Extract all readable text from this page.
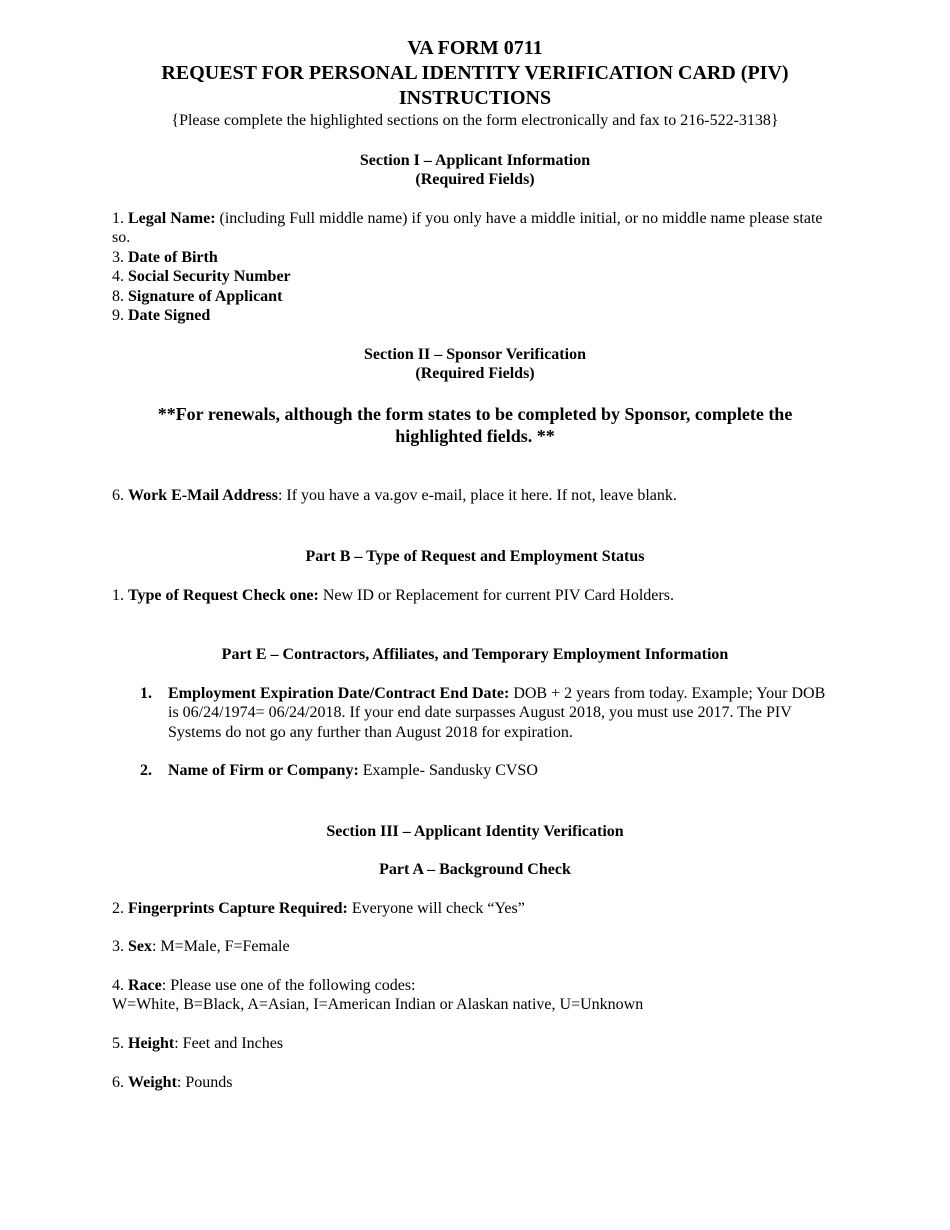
VA FORM 0711

REQUEST FOR PERSONAL IDENTITY VERIFICATION CARD (PIV)

INSTRUCTIONS

{Please complete the highlighted sections on the form electronically and fax to 216-522-3138}

Section I – Applicant Information

(Required Fields)

1. Legal Name: (including Full middle name) if you only have a middle initial, or no middle name please state so.

3. Date of Birth

4. Social Security Number

8. Signature of Applicant

9. Date Signed

Section II – Sponsor Verification

(Required Fields)

**For renewals, although the form states to be completed by Sponsor, complete the highlighted fields. **

6. Work E-Mail Address: If you have a va.gov e-mail, place it here. If not, leave blank.

Part B – Type of Request and Employment Status

1. Type of Request Check one: New ID or Replacement for current PIV Card Holders.

Part E – Contractors, Affiliates, and Temporary Employment Information

1. Employment Expiration Date/Contract End Date: DOB + 2 years from today. Example; Your DOB is 06/24/1974= 06/24/2018. If your end date surpasses August 2018, you must use 2017. The PIV Systems do not go any further than August 2018 for expiration.
2. Name of Firm or Company: Example- Sandusky CVSO

Section III – Applicant Identity Verification

Part A – Background Check

2. Fingerprints Capture Required: Everyone will check “Yes”

3. Sex: M=Male, F=Female

4. Race: Please use one of the following codes:

W=White, B=Black, A=Asian, I=American Indian or Alaskan native, U=Unknown

5. Height: Feet and Inches

6. Weight: Pounds
